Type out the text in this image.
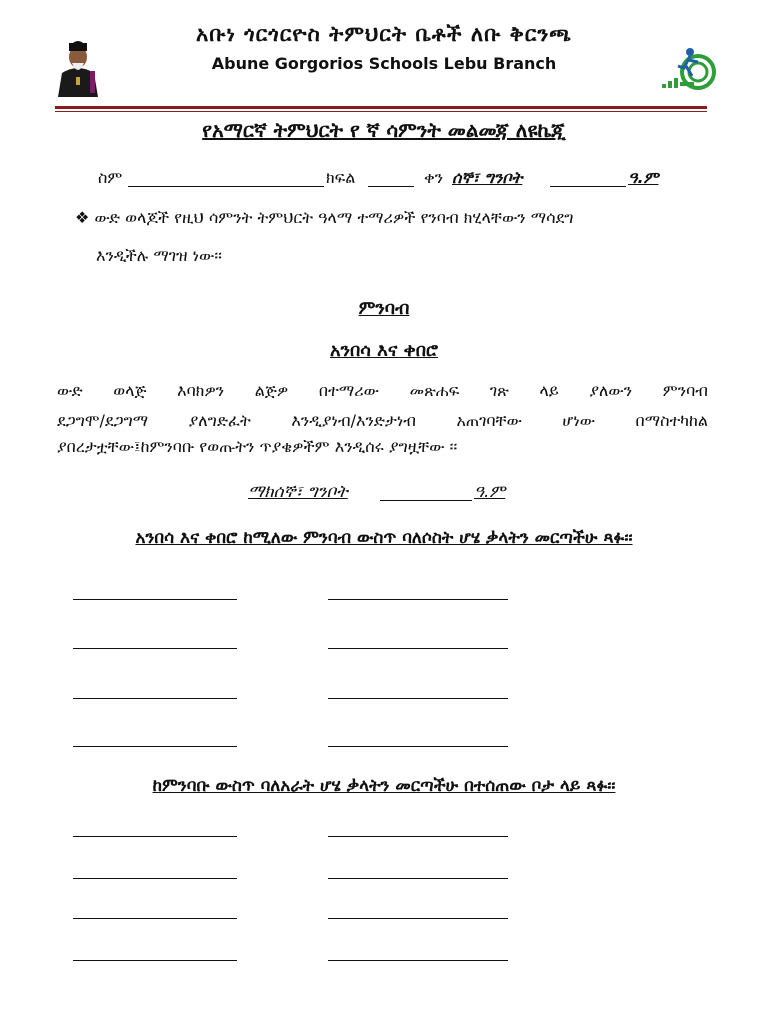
አቡነ ጎርጎርዮስ ትምህርት ቤቶች ለቡ ቅርንጫ
Abune Gorgorios Schools Lebu Branch
የአማርኛ ትምህርት የ ኛ ሳምንት መልመጃ ለዩኬጂ
ስም	ክፍል	ቀን ሰኞ፣ ግንቦት	ዓ.ም
❖ ውድ ወላጆች የዚህ ሳምንት ትምህርት ዓላማ ተማሪዎች የንባብ ክሂላቸውን ማሳደግ
እንዲችሉ ማገዝ ነው፡፡
ምንባብ
አንበሳ እና ቀበሮ
ውድ ወላጅ እባክዎን ልጅዎ በተማሪው መጽሐፍ ገጽ ላይ ያለውን ምንባብ
ደጋግሞ/ደጋግማ ያለግድፈት እንዲያነብ/እንድታነብ አጠገባቸው ሆነው በማስተካከል
ያበረታቷቸው፤ከምንባቡ የወጡትን ጥያቄዎችም እንዲሰሩ ያግዟቸው ፡፡
ማክሰኞ፣ ግንቦት	ዓ.ም
አንበሳ እና ቀበሮ ከሚለው ምንባብ ውስጥ ባለሶስት ሆሄ ቃላትን መርጣችሁ ጻፉ፡፡
ከምንባቡ ውስጥ ባለአራት ሆሄ ቃላትን መርጣችሁ በተሰጠው ቦታ ላይ ጻፉ፡፡
